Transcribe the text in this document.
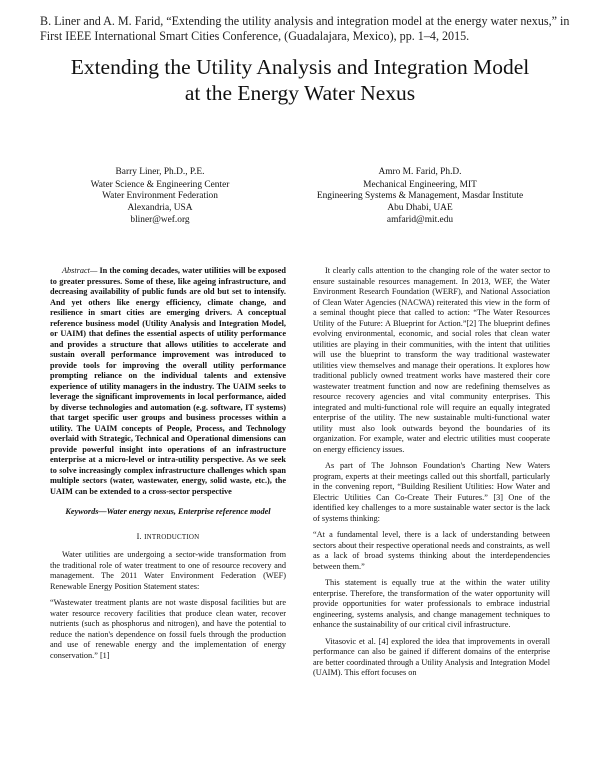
B. Liner and A. M. Farid, “Extending the utility analysis and integration model at the energy water nexus,” in First IEEE International Smart Cities Conference, (Guadalajara, Mexico), pp. 1–4, 2015.
Extending the Utility Analysis and Integration Model
at the Energy Water Nexus
Barry Liner, Ph.D., P.E.
Water Science & Engineering Center
Water Environment Federation
Alexandria, USA
bliner@wef.org
Amro M. Farid, Ph.D.
Mechanical Engineering, MIT
Engineering Systems & Management, Masdar Institute
Abu Dhabi, UAE
amfarid@mit.edu

Abstract— In the coming decades, water utilities will be exposed to greater pressures. Some of these, like ageing infrastructure, and decreasing availability of public funds are old but set to intensify. And yet others like energy efficiency, climate change, and resilience in smart cities are emerging drivers. A conceptual reference business model (Utility Analysis and Integration Model, or UAIM) that defines the essential aspects of utility performance and provides a structure that allows utilities to accelerate and sustain overall performance improvement was introduced to provide tools for improving the overall utility performance prompting reliance on the individual talents and extensive experience of utility managers in the industry. The UAIM seeks to leverage the significant improvements in local performance, aided by diverse technologies and automation (e.g. software, IT systems) that target specific user groups and business processes within a utility. The UAIM concepts of People, Process, and Technology overlaid with Strategic, Technical and Operational dimensions can provide powerful insight into operations of an infrastructure enterprise at a micro-level or intra-utility perspective. As we seek to solve increasingly complex infrastructure challenges which span multiple sectors (water, wastewater, energy, solid waste, etc.), the UAIM can be extended to a cross-sector perspective

Keywords—Water energy nexus, Enterprise reference model

I. INTRODUCTION

Water utilities are undergoing a sector-wide transformation from the traditional role of water treatment to one of resource recovery and management. The 2011 Water Environment Federation (WEF) Renewable Energy Position Statement states:

“Wastewater treatment plants are not waste disposal facilities but are water resource recovery facilities that produce clean water, recover nutrients (such as phosphorus and nitrogen), and have the potential to reduce the nation's dependence on fossil fuels through the production and use of renewable energy and the implementation of energy conservation.” [1]

It clearly calls attention to the changing role of the water sector to ensure sustainable resources management. In 2013, WEF, the Water Environment Research Foundation (WERF), and National Association of Clean Water Agencies (NACWA) reiterated this view in the form of a seminal thought piece that called to action: “The Water Resources Utility of the Future: A Blueprint for Action.”[2] The blueprint defines evolving environmental, economic, and social roles that clean water utilities are playing in their communities, with the intent that utilities will use the blueprint to transform the way traditional wastewater utilities view themselves and manage their operations. It explores how traditional publicly owned treatment works have mastered their core wastewater treatment function and now are redefining themselves as resource recovery agencies and vital community enterprises. This integrated and multi-functional role will require an equally integrated enterprise of the utility. The new sustainable multi-functional water utility must also look outwards beyond the boundaries of its organization. For example, water and electric utilities must cooperate on energy efficiency issues.

As part of The Johnson Foundation's Charting New Waters program, experts at their meetings called out this shortfall, particularly in the convening report, “Building Resilient Utilities: How Water and Electric Utilities Can Co-Create Their Futures.” [3] One of the identified key challenges to a more sustainable water sector is the lack of systems thinking:

“At a fundamental level, there is a lack of understanding between sectors about their respective operational needs and constraints, as well as a lack of broad systems thinking about the interdependencies between them.”

This statement is equally true at the within the water utility enterprise. Therefore, the transformation of the water opportunity will provide opportunities for water professionals to embrace industrial engineering, systems analysis, and change management techniques to enhance the sustainability of our critical civil infrastructure.

Vitasovic et al. [4] explored the idea that improvements in overall performance can also be gained if different domains of the enterprise are better coordinated through a Utility Analysis and Integration Model (UAIM). This effort focuses on
